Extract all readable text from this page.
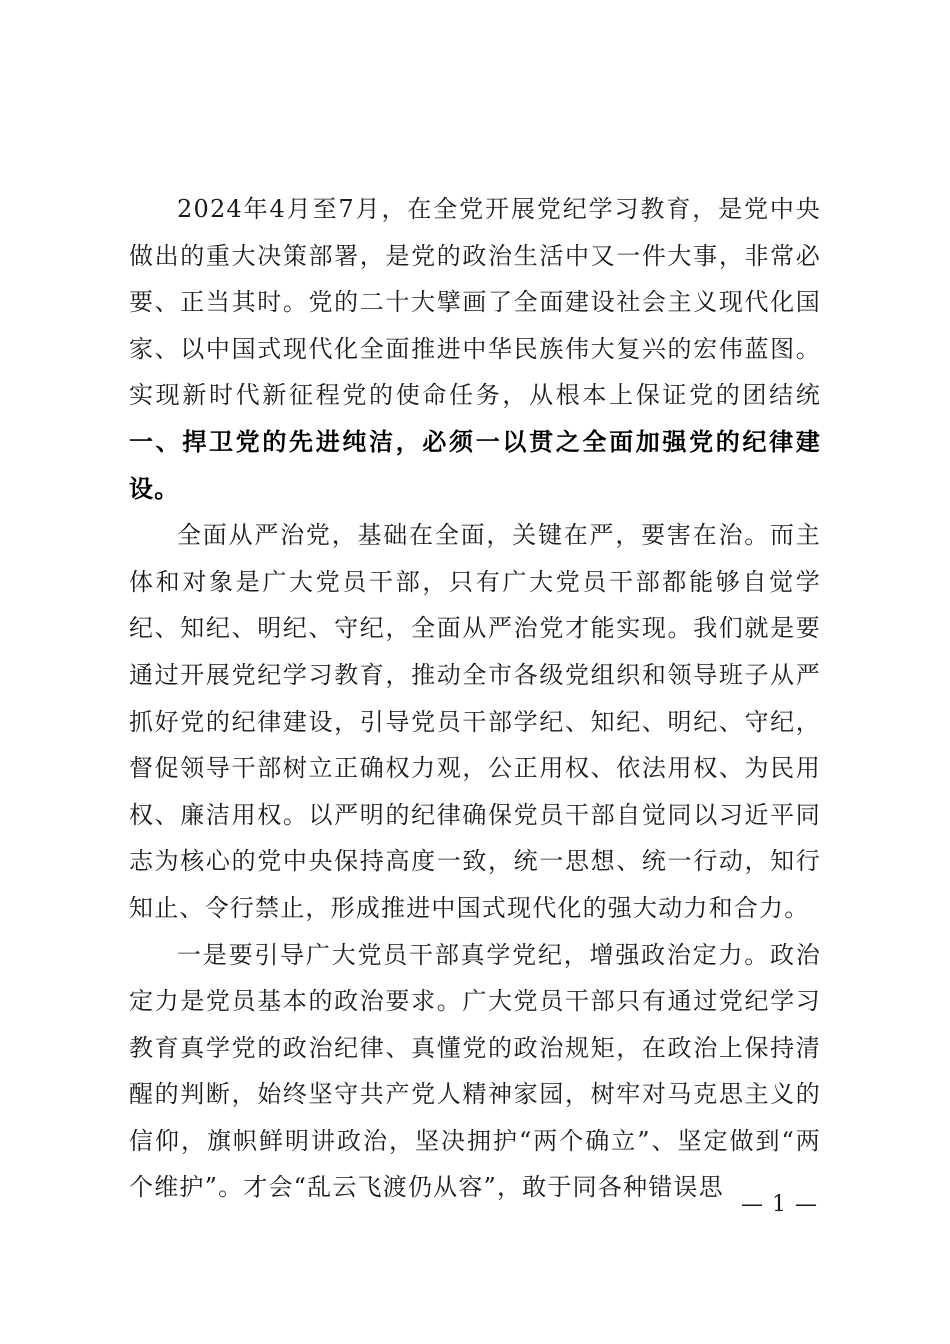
2024年4月至7月，在全党开展党纪学习教育，是党中央做出的重大决策部署，是党的政治生活中又一件大事，非常必要、正当其时。党的二十大擘画了全面建设社会主义现代化国家、以中国式现代化全面推进中华民族伟大复兴的宏伟蓝图。实现新时代新征程党的使命任务，从根本上保证党的团结统一、捍卫党的先进纯洁，必须一以贯之全面加强党的纪律建设。

全面从严治党，基础在全面，关键在严，要害在治。而主体和对象是广大党员干部，只有广大党员干部都能够自觉学纪、知纪、明纪、守纪，全面从严治党才能实现。我们就是要通过开展党纪学习教育，推动全市各级党组织和领导班子从严抓好党的纪律建设，引导党员干部学纪、知纪、明纪、守纪，督促领导干部树立正确权力观，公正用权、依法用权、为民用权、廉洁用权。以严明的纪律确保党员干部自觉同以习近平同志为核心的党中央保持高度一致，统一思想、统一行动，知行知止、令行禁止，形成推进中国式现代化的强大动力和合力。

一是要引导广大党员干部真学党纪，增强政治定力。政治定力是党员基本的政治要求。广大党员干部只有通过党纪学习教育真学党的政治纪律、真懂党的政治规矩，在政治上保持清醒的判断，始终坚守共产党人精神家园，树牢对马克思主义的信仰，旗帜鲜明讲政治，坚决拥护“两个确立”、坚定做到“两个维护”。才会“乱云飞渡仍从容”，敢于同各种错误思

— 1 —
